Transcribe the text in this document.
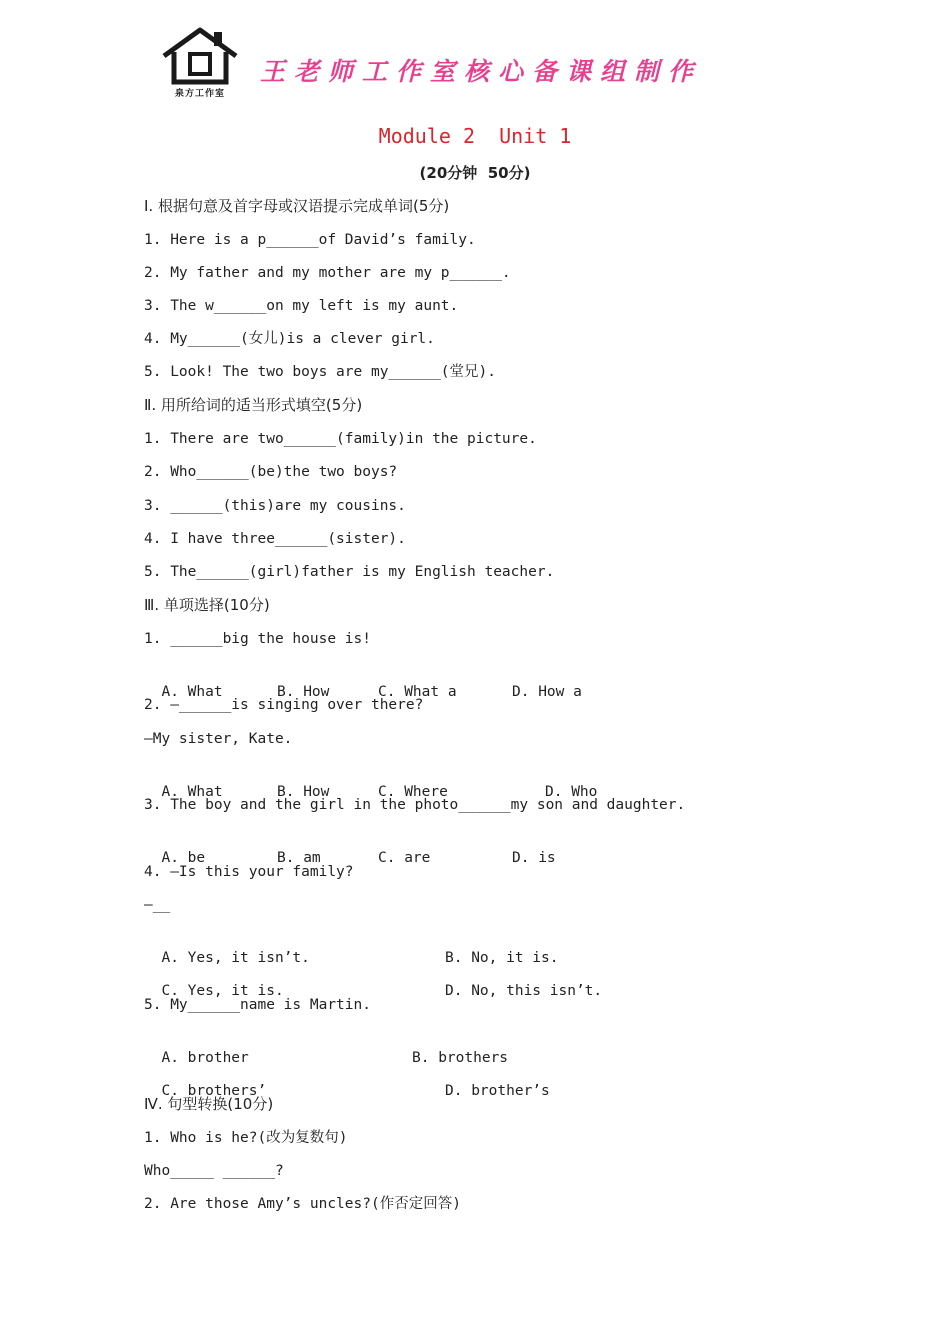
泉方工作室
王老师工作室核心备课组制作
Module 2  Unit 1
(20分钟  50分)
Ⅰ. 根据句意及首字母或汉语提示完成单词(5分)
1. Here is a p______of David’s family.
2. My father and my mother are my p______.
3. The w______on my left is my aunt.
4. My______(女儿)is a clever girl.
5. Look! The two boys are my______(堂兄).
Ⅱ. 用所给词的适当形式填空(5分)
1. There are two______(family)in the picture.
2. Who______(be)the two boys?
3. ______(this)are my cousins.
4. I have three______(sister).
5. The______(girl)father is my English teacher.
Ⅲ. 单项选择(10分)
1. ______big the house is!

A. What	B. How	C. What a	D. How a

2. —______is singing over there?
—My sister, Kate.

A. What	B. How	C. Where	D. Who

3. The boy and the girl in the photo______my son and daughter.

A. be	B. am	C. are	D. is

4. —Is this your family?
—__

A. Yes, it isn’t.	B. No, it is.

C. Yes, it is.	D. No, this isn’t.

5. My______name is Martin.

A. brother	B. brothers

C. brothers’	D. brother’s

Ⅳ. 句型转换(10分)
1. Who is he?(改为复数句)
Who_____ ______?
2. Are those Amy’s uncles?(作否定回答)
